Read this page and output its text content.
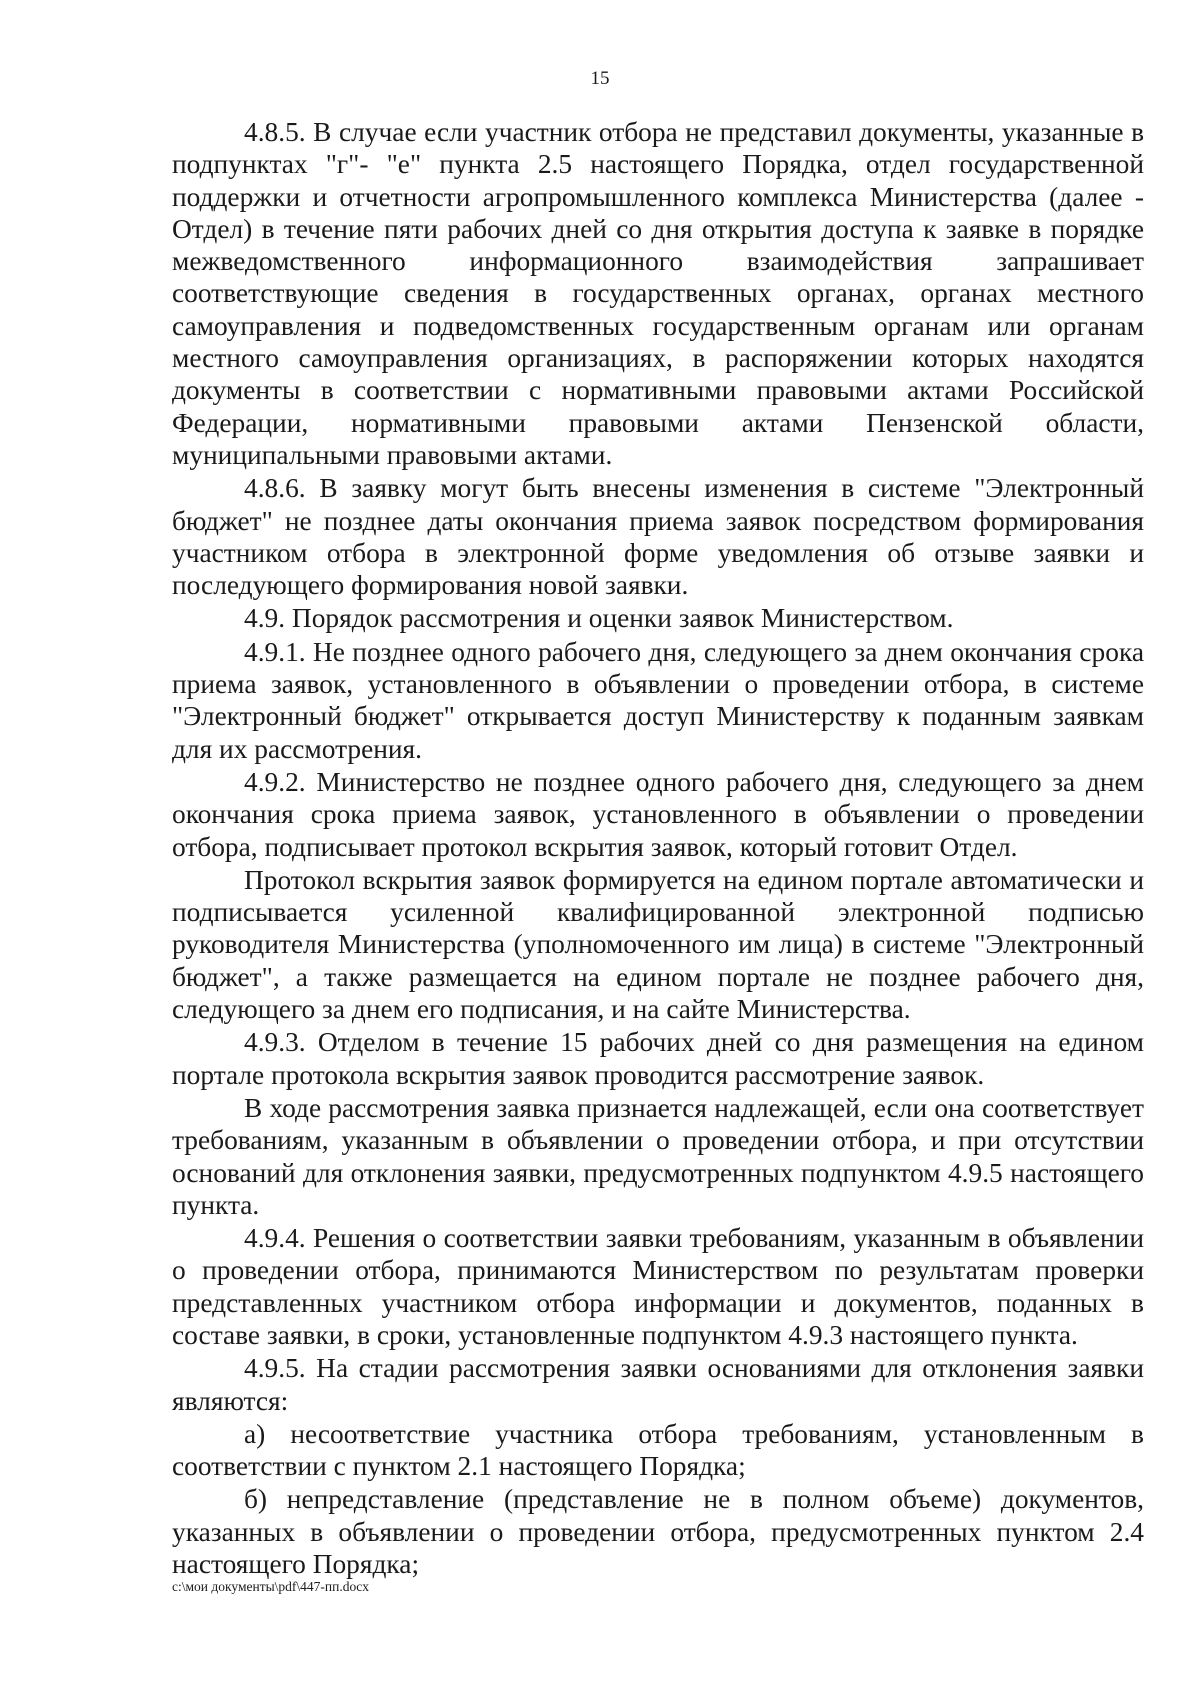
15

4.8.5. В случае если участник отбора не представил документы, указанные в подпунктах "г"- "е" пункта 2.5 настоящего Порядка, отдел государственной поддержки и отчетности агропромышленного комплекса Министерства (далее - Отдел) в течение пяти рабочих дней со дня открытия доступа к заявке в порядке межведомственного информационного взаимодействия запрашивает соответствующие сведения в государственных органах, органах местного самоуправления и подведомственных государственным органам или органам местного самоуправления организациях, в распоряжении которых находятся документы в соответствии с нормативными правовыми актами Российской Федерации, нормативными правовыми актами Пензенской области, муниципальными правовыми актами.

4.8.6. В заявку могут быть внесены изменения в системе "Электронный бюджет" не позднее даты окончания приема заявок посредством формирования участником отбора в электронной форме уведомления об отзыве заявки и последующего формирования новой заявки.

4.9. Порядок рассмотрения и оценки заявок Министерством.

4.9.1. Не позднее одного рабочего дня, следующего за днем окончания срока приема заявок, установленного в объявлении о проведении отбора, в системе "Электронный бюджет" открывается доступ Министерству к поданным заявкам для их рассмотрения.

4.9.2. Министерство не позднее одного рабочего дня, следующего за днем окончания срока приема заявок, установленного в объявлении о проведении отбора, подписывает протокол вскрытия заявок, который готовит Отдел.

Протокол вскрытия заявок формируется на едином портале автоматически и подписывается усиленной квалифицированной электронной подписью руководителя Министерства (уполномоченного им лица) в системе "Электронный бюджет", а также размещается на едином портале не позднее рабочего дня, следующего за днем его подписания, и на сайте Министерства.

4.9.3. Отделом в течение 15 рабочих дней со дня размещения на едином портале протокола вскрытия заявок проводится рассмотрение заявок.

В ходе рассмотрения заявка признается надлежащей, если она соответствует требованиям, указанным в объявлении о проведении отбора, и при отсутствии оснований для отклонения заявки, предусмотренных подпунктом 4.9.5 настоящего пункта.

4.9.4. Решения о соответствии заявки требованиям, указанным в объявлении о проведении отбора, принимаются Министерством по результатам проверки представленных участником отбора информации и документов, поданных в составе заявки, в сроки, установленные подпунктом 4.9.3 настоящего пункта.

4.9.5. На стадии рассмотрения заявки основаниями для отклонения заявки являются:

а) несоответствие участника отбора требованиям, установленным в соответствии с пунктом 2.1 настоящего Порядка;

б) непредставление (представление не в полном объеме) документов, указанных в объявлении о проведении отбора, предусмотренных пунктом 2.4 настоящего Порядка;

c:\мои документы\pdf\447-пп.docx
